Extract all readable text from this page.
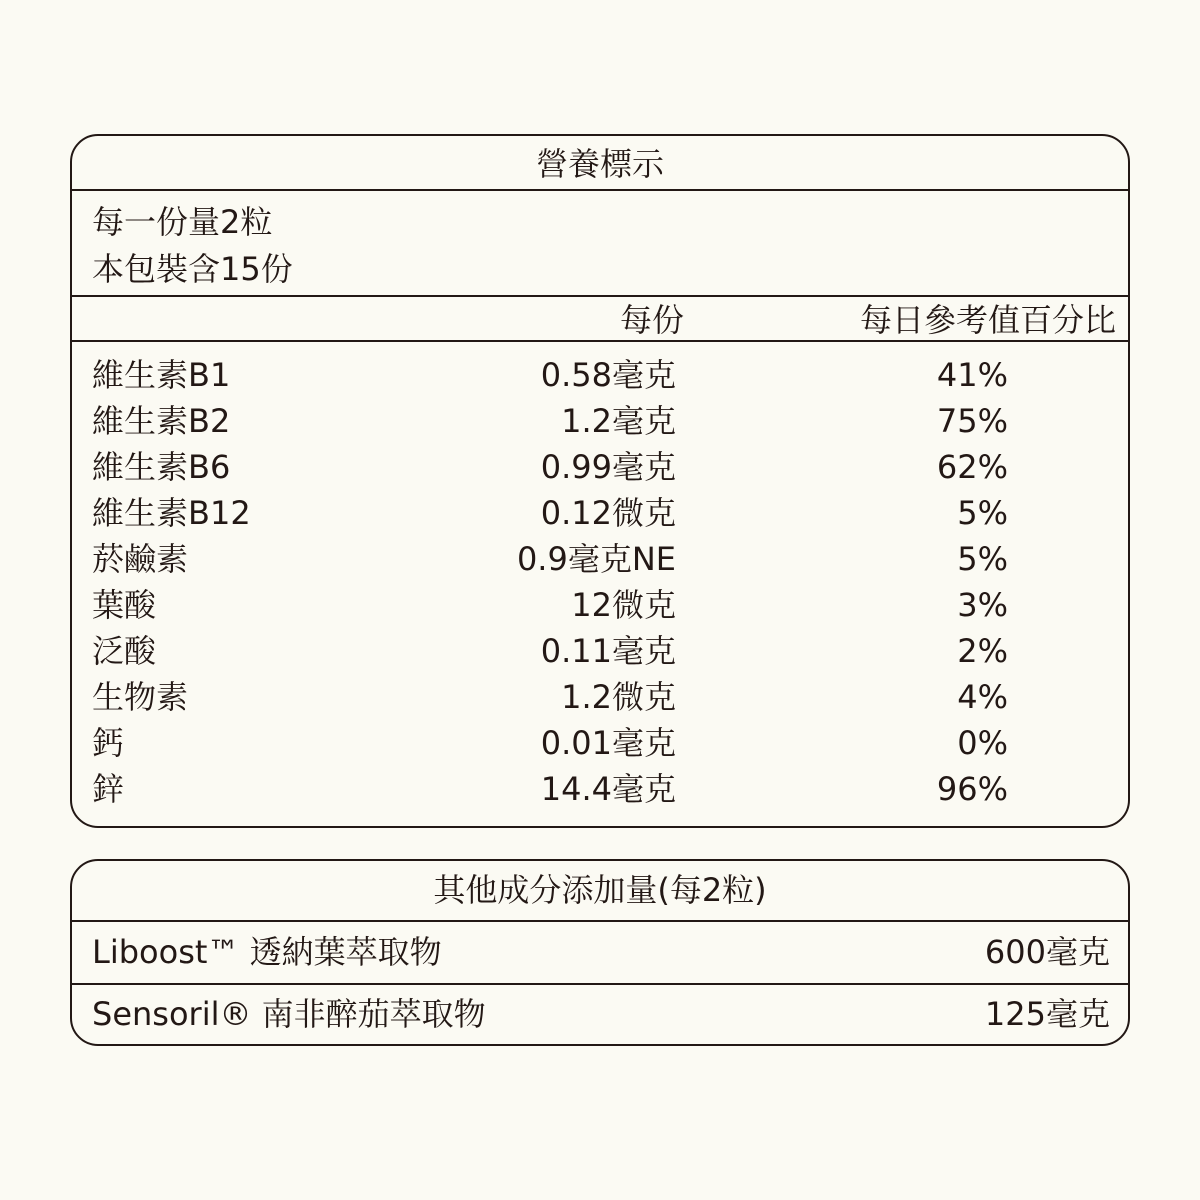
營養標示
每一份量2粒
本包裝含15份
每份	每日參考值百分比
維生素B1	0.58毫克	41%
維生素B2	1.2毫克	75%
維生素B6	0.99毫克	62%
維生素B12	0.12微克	5%
菸鹼素	0.9毫克NE	5%
葉酸	12微克	3%
泛酸	0.11毫克	2%
生物素	1.2微克	4%
鈣	0.01毫克	0%
鋅	14.4毫克	96%
其他成分添加量(每2粒)
Liboost™ 透納葉萃取物	600毫克
Sensoril® 南非醉茄萃取物	125毫克
